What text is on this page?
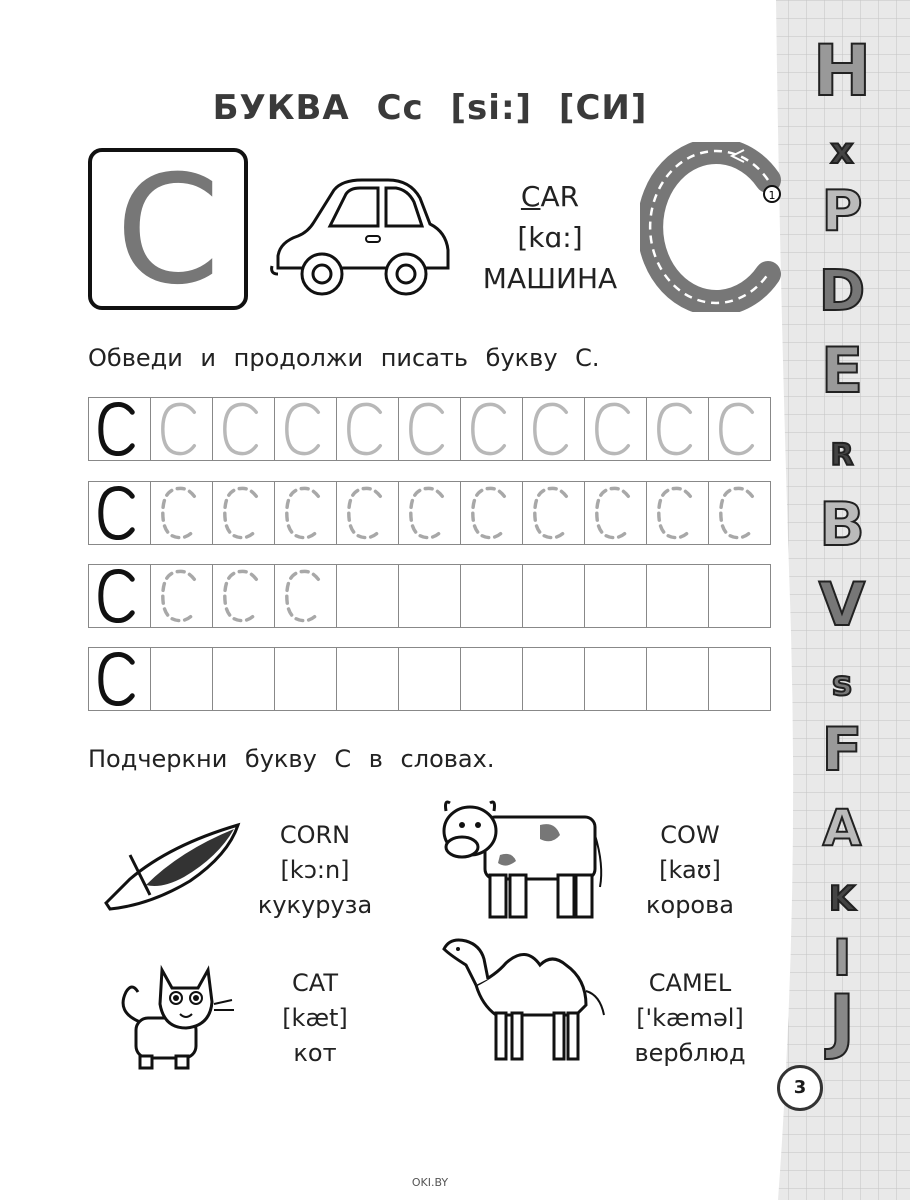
H
x
P
D
E
R
B
V
s
F
A
K
I
J
БУКВА Cc [si:] [СИ]
C	CAR
[kɑ:]
МАШИНА
1
Обведи и продолжи писать букву С.
Подчеркни букву С в словах.
CORN
[kɔ:n]
кукуруза
COW
[kaʊ]
корова
CAT
[kæt]
кот
CAMEL
['kæməl]
верблюд
3
OKI.BY
